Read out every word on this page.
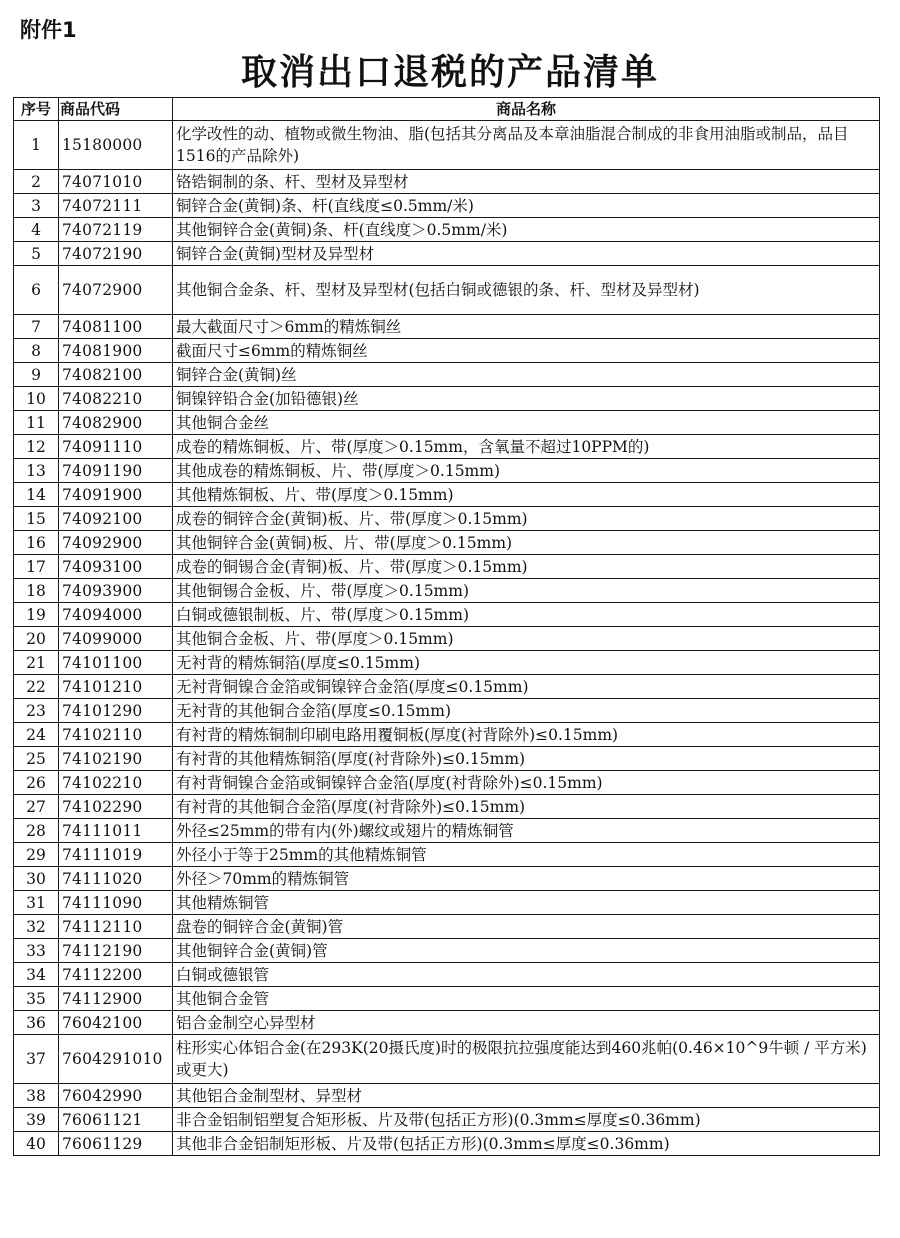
附件1
取消出口退税的产品清单
序号	商品代码	商品名称
1	15180000	化学改性的动、植物或微生物油、脂(包括其分离品及本章油脂混合制成的非食用油脂或制品，品目1516的产品除外)
2	74071010	铬锆铜制的条、杆、型材及异型材
3	74072111	铜锌合金(黄铜)条、杆(直线度≤0.5mm/米)
4	74072119	其他铜锌合金(黄铜)条、杆(直线度＞0.5mm/米)
5	74072190	铜锌合金(黄铜)型材及异型材
6	74072900	其他铜合金条、杆、型材及异型材(包括白铜或德银的条、杆、型材及异型材)
7	74081100	最大截面尺寸＞6mm的精炼铜丝
8	74081900	截面尺寸≤6mm的精炼铜丝
9	74082100	铜锌合金(黄铜)丝
10	74082210	铜镍锌铅合金(加铅德银)丝
11	74082900	其他铜合金丝
12	74091110	成卷的精炼铜板、片、带(厚度＞0.15mm，含氧量不超过10PPM的)
13	74091190	其他成卷的精炼铜板、片、带(厚度＞0.15mm)
14	74091900	其他精炼铜板、片、带(厚度＞0.15mm)
15	74092100	成卷的铜锌合金(黄铜)板、片、带(厚度＞0.15mm)
16	74092900	其他铜锌合金(黄铜)板、片、带(厚度＞0.15mm)
17	74093100	成卷的铜锡合金(青铜)板、片、带(厚度＞0.15mm)
18	74093900	其他铜锡合金板、片、带(厚度＞0.15mm)
19	74094000	白铜或德银制板、片、带(厚度＞0.15mm)
20	74099000	其他铜合金板、片、带(厚度＞0.15mm)
21	74101100	无衬背的精炼铜箔(厚度≤0.15mm)
22	74101210	无衬背铜镍合金箔或铜镍锌合金箔(厚度≤0.15mm)
23	74101290	无衬背的其他铜合金箔(厚度≤0.15mm)
24	74102110	有衬背的精炼铜制印刷电路用覆铜板(厚度(衬背除外)≤0.15mm)
25	74102190	有衬背的其他精炼铜箔(厚度(衬背除外)≤0.15mm)
26	74102210	有衬背铜镍合金箔或铜镍锌合金箔(厚度(衬背除外)≤0.15mm)
27	74102290	有衬背的其他铜合金箔(厚度(衬背除外)≤0.15mm)
28	74111011	外径≤25mm的带有内(外)螺纹或翅片的精炼铜管
29	74111019	外径小于等于25mm的其他精炼铜管
30	74111020	外径＞70mm的精炼铜管
31	74111090	其他精炼铜管
32	74112110	盘卷的铜锌合金(黄铜)管
33	74112190	其他铜锌合金(黄铜)管
34	74112200	白铜或德银管
35	74112900	其他铜合金管
36	76042100	铝合金制空心异型材
37	7604291010	柱形实心体铝合金(在293K(20摄氏度)时的极限抗拉强度能达到460兆帕(0.46×10^9牛顿 / 平方米)或更大)
38	76042990	其他铝合金制型材、异型材
39	76061121	非合金铝制铝塑复合矩形板、片及带(包括正方形)(0.3mm≤厚度≤0.36mm)
40	76061129	其他非合金铝制矩形板、片及带(包括正方形)(0.3mm≤厚度≤0.36mm)
